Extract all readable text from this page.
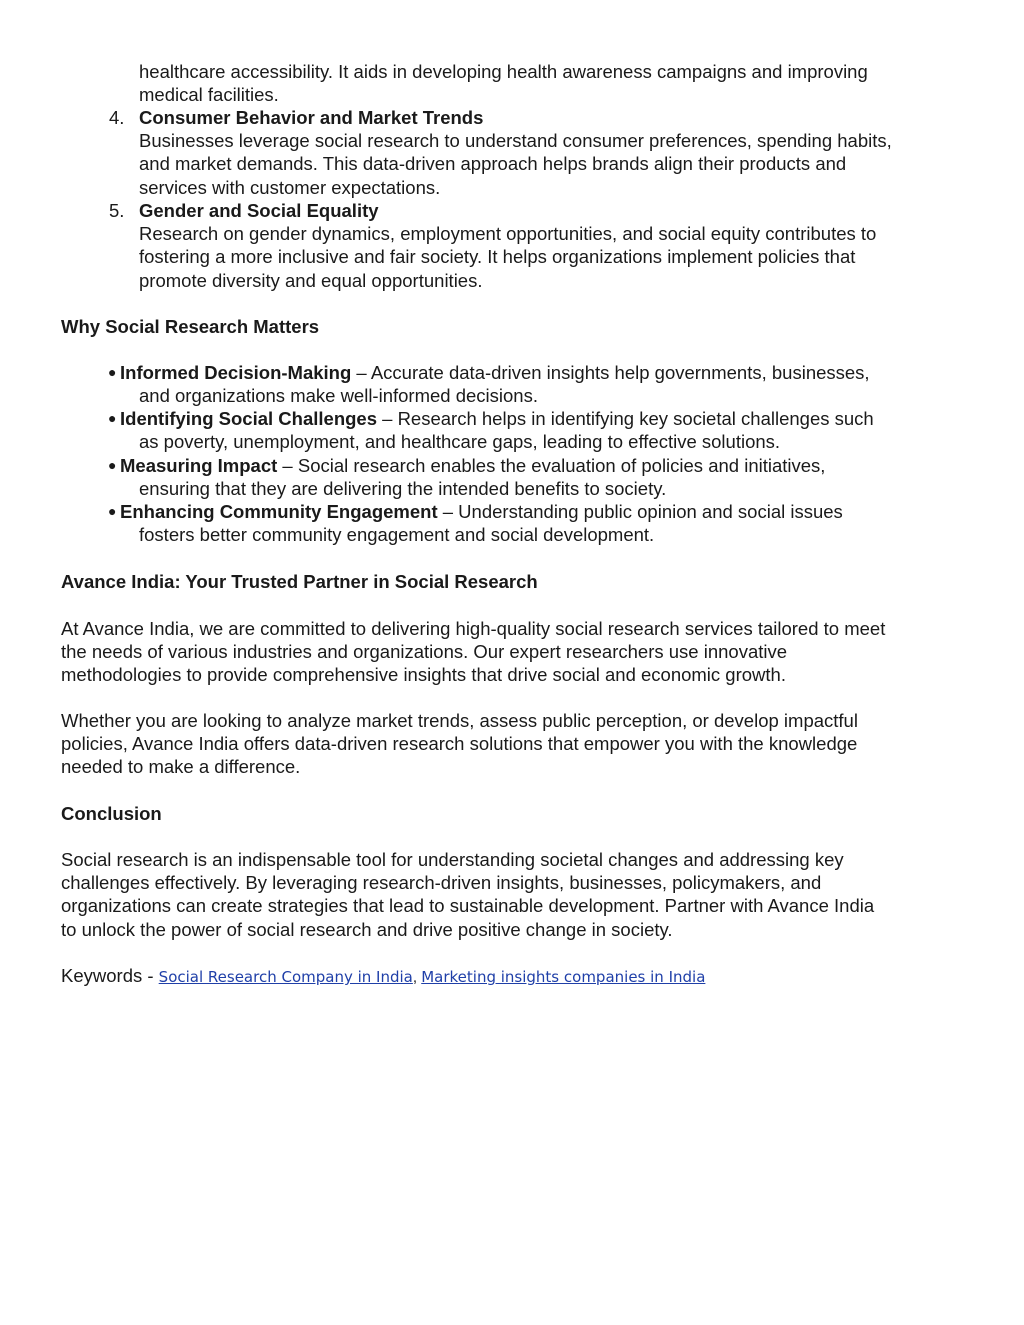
healthcare accessibility. It aids in developing health awareness campaigns and improving
medical facilities.
4. Consumer Behavior and Market Trends
Businesses leverage social research to understand consumer preferences, spending habits,
and market demands. This data-driven approach helps brands align their products and
services with customer expectations.
5. Gender and Social Equality
Research on gender dynamics, employment opportunities, and social equity contributes to
fostering a more inclusive and fair society. It helps organizations implement policies that
promote diversity and equal opportunities.
Why Social Research Matters
● Informed Decision-Making – Accurate data-driven insights help governments, businesses,
and organizations make well-informed decisions.
● Identifying Social Challenges – Research helps in identifying key societal challenges such
as poverty, unemployment, and healthcare gaps, leading to effective solutions.
● Measuring Impact – Social research enables the evaluation of policies and initiatives,
ensuring that they are delivering the intended benefits to society.
● Enhancing Community Engagement – Understanding public opinion and social issues
fosters better community engagement and social development.
Avance India: Your Trusted Partner in Social Research
At Avance India, we are committed to delivering high-quality social research services tailored to meet
the needs of various industries and organizations. Our expert researchers use innovative
methodologies to provide comprehensive insights that drive social and economic growth.
Whether you are looking to analyze market trends, assess public perception, or develop impactful
policies, Avance India offers data-driven research solutions that empower you with the knowledge
needed to make a difference.
Conclusion
Social research is an indispensable tool for understanding societal changes and addressing key
challenges effectively. By leveraging research-driven insights, businesses, policymakers, and
organizations can create strategies that lead to sustainable development. Partner with Avance India
to unlock the power of social research and drive positive change in society.
Keywords - Social Research Company in India, Marketing insights companies in India
